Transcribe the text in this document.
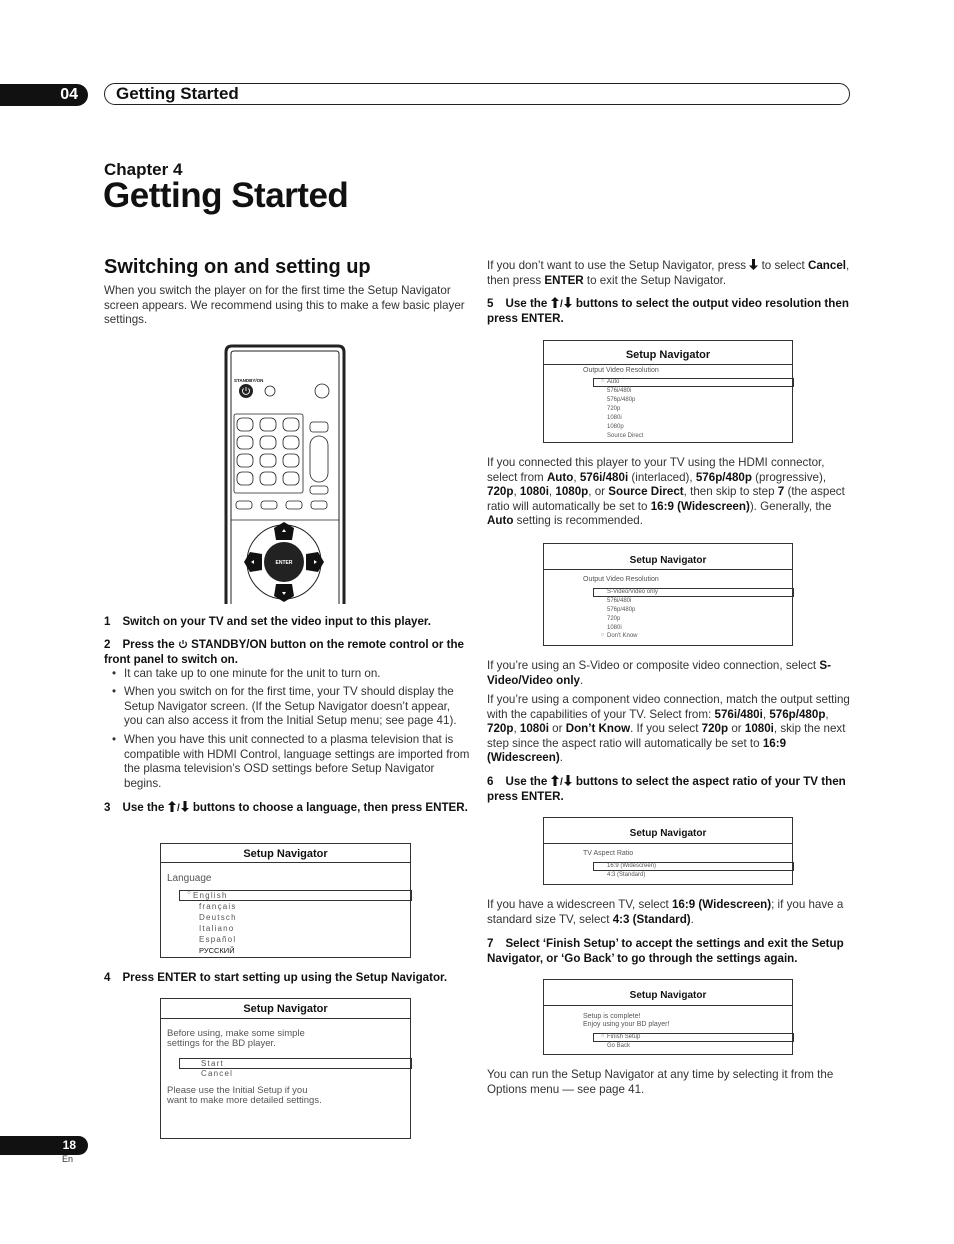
04	Getting Started
Chapter 4
Getting Started
Switching on and setting up
When you switch the player on for the first time the Setup Navigator screen appears. We recommend using this to make a few basic player settings.
STANDBY/ON
ENTER
1 Switch on your TV and set the video input to this player.
2 Press the STANDBY/ON button on the remote control or the front panel to switch on.
• It can take up to one minute for the unit to turn on.
• When you switch on for the first time, your TV should display the Setup Navigator screen. (If the Setup Navigator doesn’t appear, you can also access it from the Initial Setup menu; see page 41).
• When you have this unit connected to a plasma television that is compatible with HDMI Control, language settings are imported from the plasma television’s OSD settings before Setup Navigator begins.
3 Use the / buttons to choose a language, then press ENTER.
Setup Navigator
Language
○ English
français
Deutsch
Italiano
Español
РУССКИЙ
4 Press ENTER to start setting up using the Setup Navigator.
Setup Navigator
Before using, make some simple
settings for the BD player.
Start
Cancel
Please use the Initial Setup if you
want to make more detailed settings.
If you don’t want to use the Setup Navigator, press to select Cancel, then press ENTER to exit the Setup Navigator.
5 Use the / buttons to select the output video resolution then press ENTER.
Setup Navigator
Output Video Resolution
○ Auto
576i/480i
576p/480p
720p
1080i
1080p
Source Direct
If you connected this player to your TV using the HDMI connector, select from Auto, 576i/480i (interlaced), 576p/480p (progressive), 720p, 1080i, 1080p, or Source Direct, then skip to step 7 (the aspect ratio will automatically be set to 16:9 (Widescreen)). Generally, the Auto setting is recommended.
Setup Navigator
Output Video Resolution
S-Video/Video only
576i/480i
576p/480p
720p
1080i
○ Don't Know
If you’re using an S-Video or composite video connection, select S-Video/Video only.
If you’re using a component video connection, match the output setting with the capabilities of your TV. Select from: 576i/480i, 576p/480p, 720p, 1080i or Don’t Know. If you select 720p or 1080i, skip the next step since the aspect ratio will automatically be set to 16:9 (Widescreen).
6 Use the / buttons to select the aspect ratio of your TV then press ENTER.
Setup Navigator
TV Aspect Ratio
16:9 (Widescreen)
4:3 (Standard)
If you have a widescreen TV, select 16:9 (Widescreen); if you have a standard size TV, select 4:3 (Standard).
7 Select ‘Finish Setup’ to accept the settings and exit the Setup Navigator, or ‘Go Back’ to go through the settings again.
Setup Navigator
Setup is complete!
Enjoy using your BD player!
○ Finish Setup
Go Back
You can run the Setup Navigator at any time by selecting it from the Options menu — see page 41.
18
En
